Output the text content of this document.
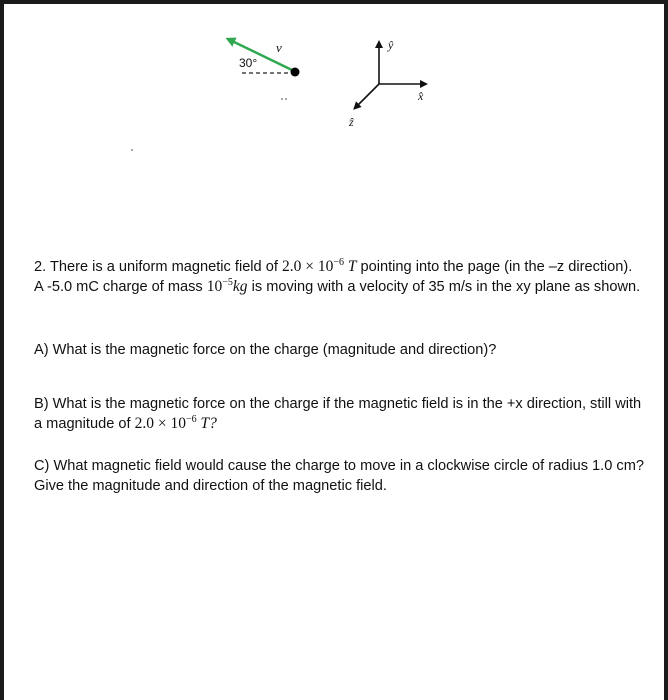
30°
v⃗	ŷ
x̂
ẑ
2. There is a uniform magnetic field of $2.0 \times 10^{-6}$ T pointing into the page (in the –z direction). A -5.0 mC charge of mass $10^{-5}kg$ is moving with a velocity of 35 m/s in the xy plane as shown.
A) What is the magnetic force on the charge (magnitude and direction)?
B) What is the magnetic force on the charge if the magnetic field is in the +x direction, still with a magnitude of $2.0 \times 10^{-6}$ T?
C) What magnetic field would cause the charge to move in a clockwise circle of radius 1.0 cm? Give the magnitude and direction of the magnetic field.
